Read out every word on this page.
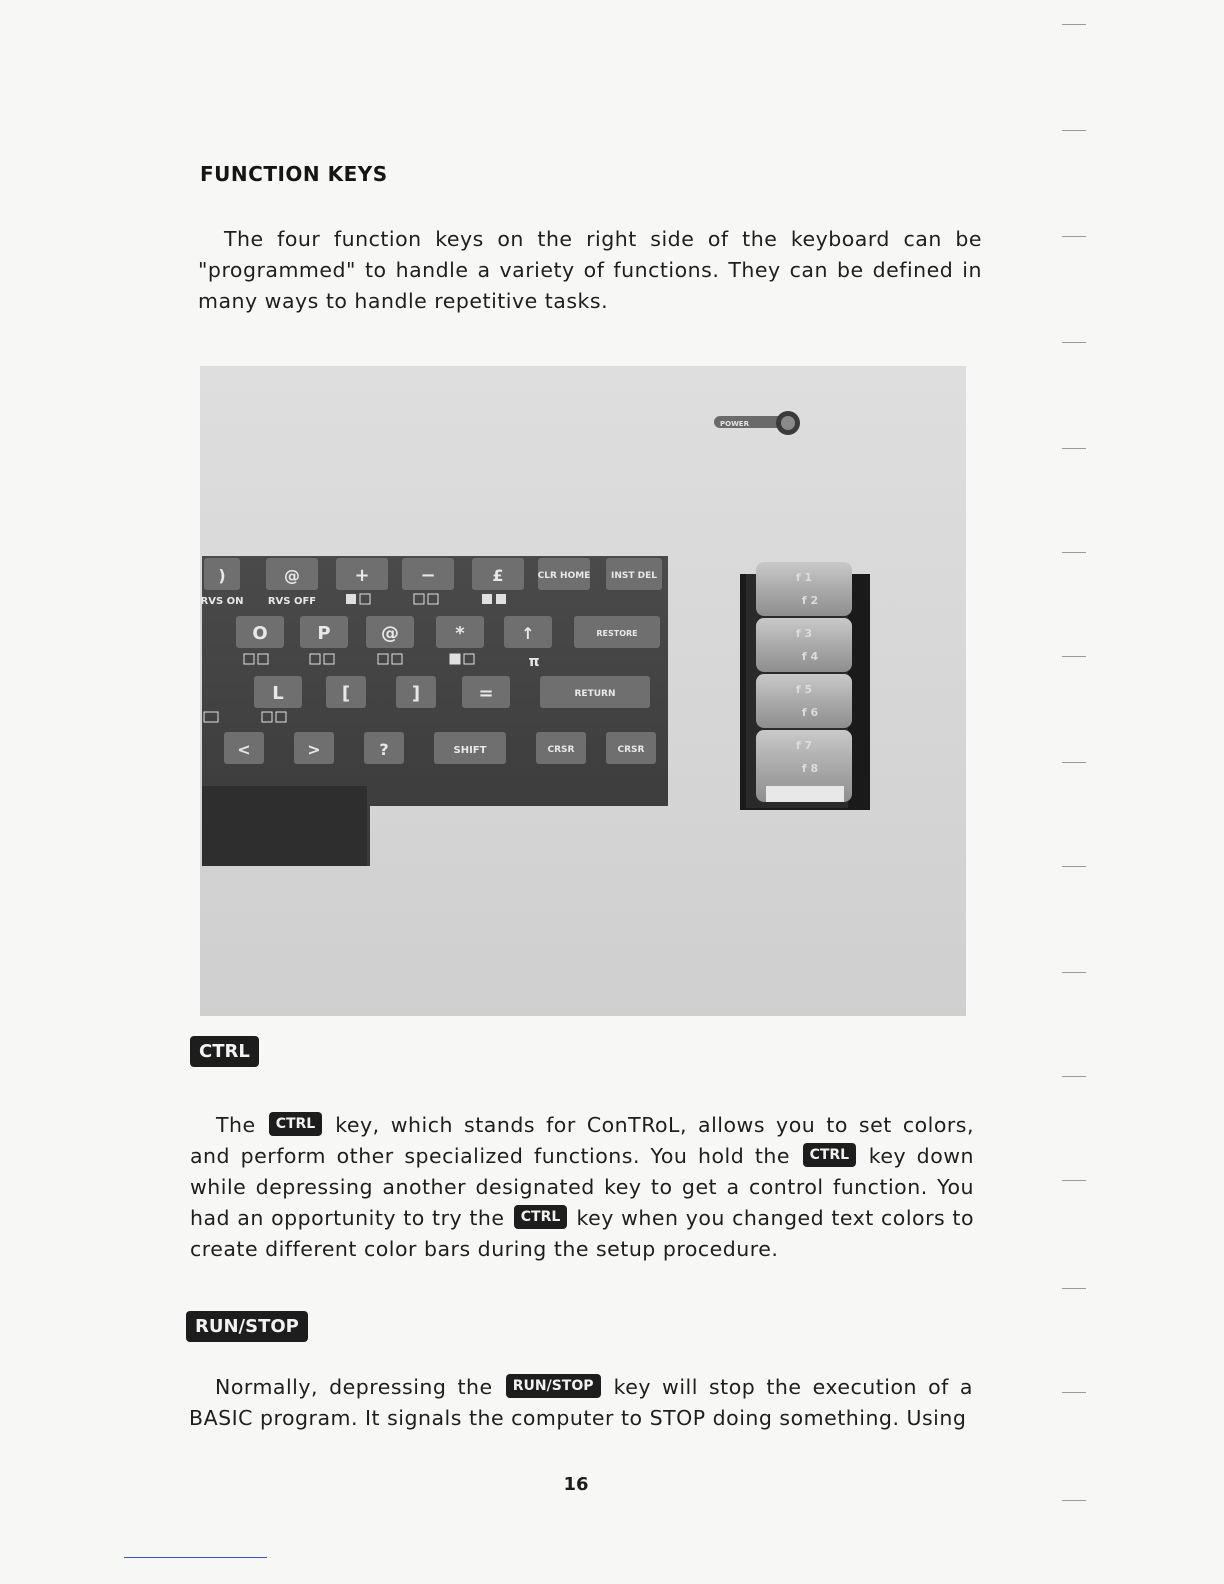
FUNCTION KEYS
The four function keys on the right side of the keyboard can be "programmed" to handle a variety of functions. They can be defined in many ways to handle repetitive tasks.
POWER
)	@	+	−	£	CLR HOME INST DEL
RVS ON RVS OFF
O	P	@	*	↑	RESTORE
π
L	[	]	=	RETURN
<	>	?	SHIFT	CRSR	CRSR
f 1
f 2
f 3
f 4
f 5
f 6
f 7
f 8
CTRL
The CTRL key, which stands for ConTRoL, allows you to set colors, and perform other specialized functions. You hold the CTRL key down while depressing another designated key to get a control function. You had an opportunity to try the CTRL key when you changed text colors to create different color bars during the setup procedure.
RUN/STOP
Normally, depressing the RUN/STOP key will stop the execution of a BASIC program. It signals the computer to STOP doing something. Using
16
